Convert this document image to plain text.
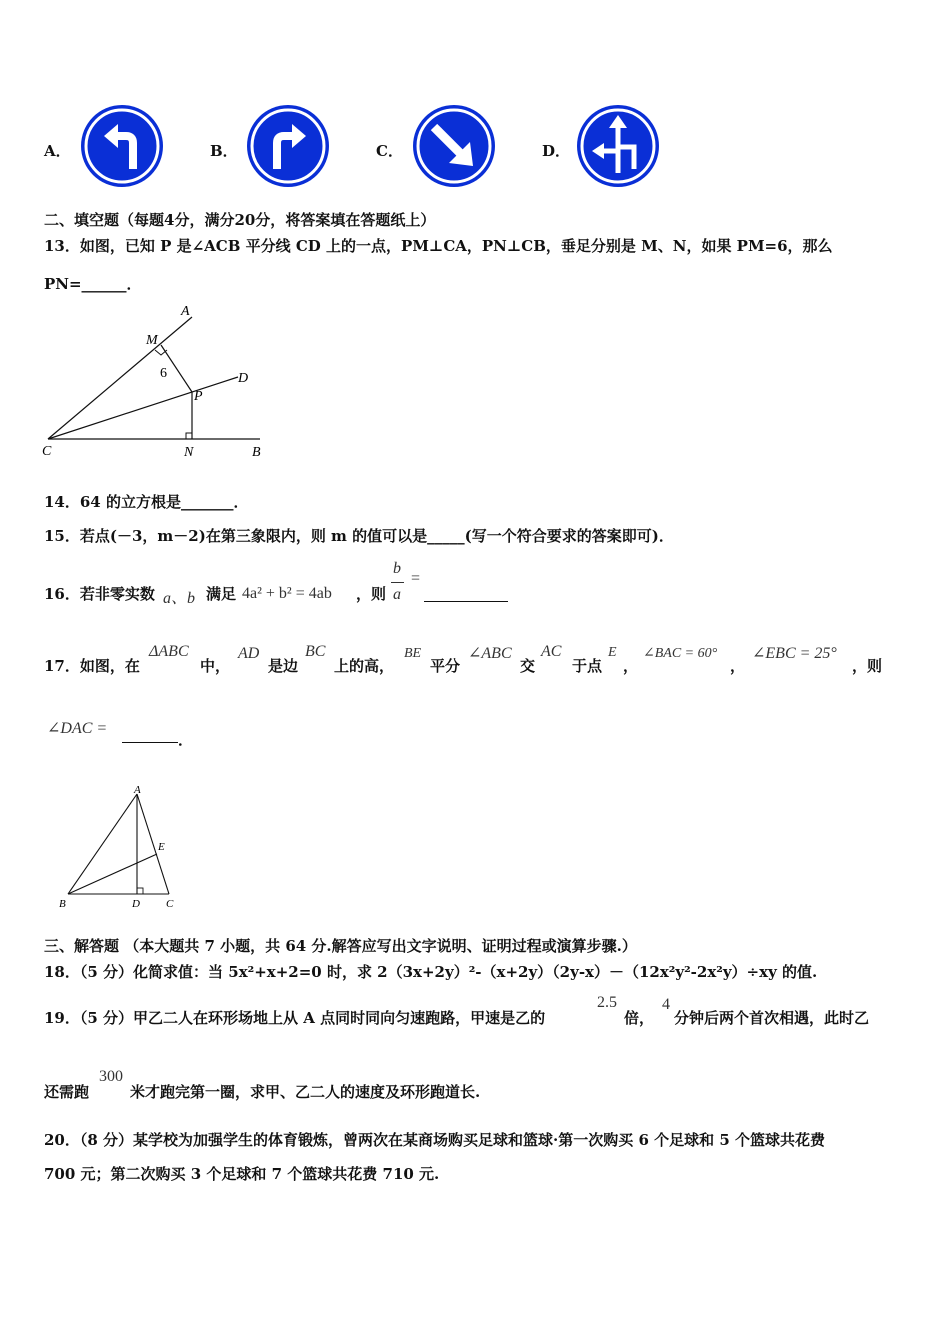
A．	B．	C．	D．
二、填空题（每题4分，满分20分，将答案填在答题纸上）
13．如图，已知 P 是∠ACB 平分线 CD 上的一点，PM⊥CA，PN⊥CB，垂足分别是 M、N，如果 PM=6，那么
PN=______．
A
M
6	D
P
C	N	B
14．64 的立方根是_______．
15．若点(－3，m－2)在第三象限内，则 m 的值可以是_____(写一个符合要求的答案即可)．
16．若非零实数 a、b 满足 4a² + b² = 4ab ，则
b
a
=
17．如图，在
ΔABC
中，
AD
是边
BC
上的高，
BE
平分
∠ABC
交
AC
于点
E
，
∠BAC = 60°
，
∠EBC = 25°
，则
∠DAC =
．
A
E
B	D C
三、解答题 （本大题共 7 小题，共 64 分.解答应写出文字说明、证明过程或演算步骤.）
18．（5 分）化简求值：当 5x²+x+2=0 时，求 2（3x+2y）²-（x+2y）（2y-x）－（12x²y²-2x²y）÷xy 的值.
19．（5 分）甲乙二人在环形场地上从 A 点同时同向匀速跑路，甲速是乙的
2.5
倍，
4
分钟后两个首次相遇，此时乙
还需跑
300
米才跑完第一圈，求甲、乙二人的速度及环形跑道长.
20．（8 分）某学校为加强学生的体育锻炼，曾两次在某商场购买足球和篮球·第一次购买 6 个足球和 5 个篮球共花费
700 元；第二次购买 3 个足球和 7 个篮球共花费 710 元.
